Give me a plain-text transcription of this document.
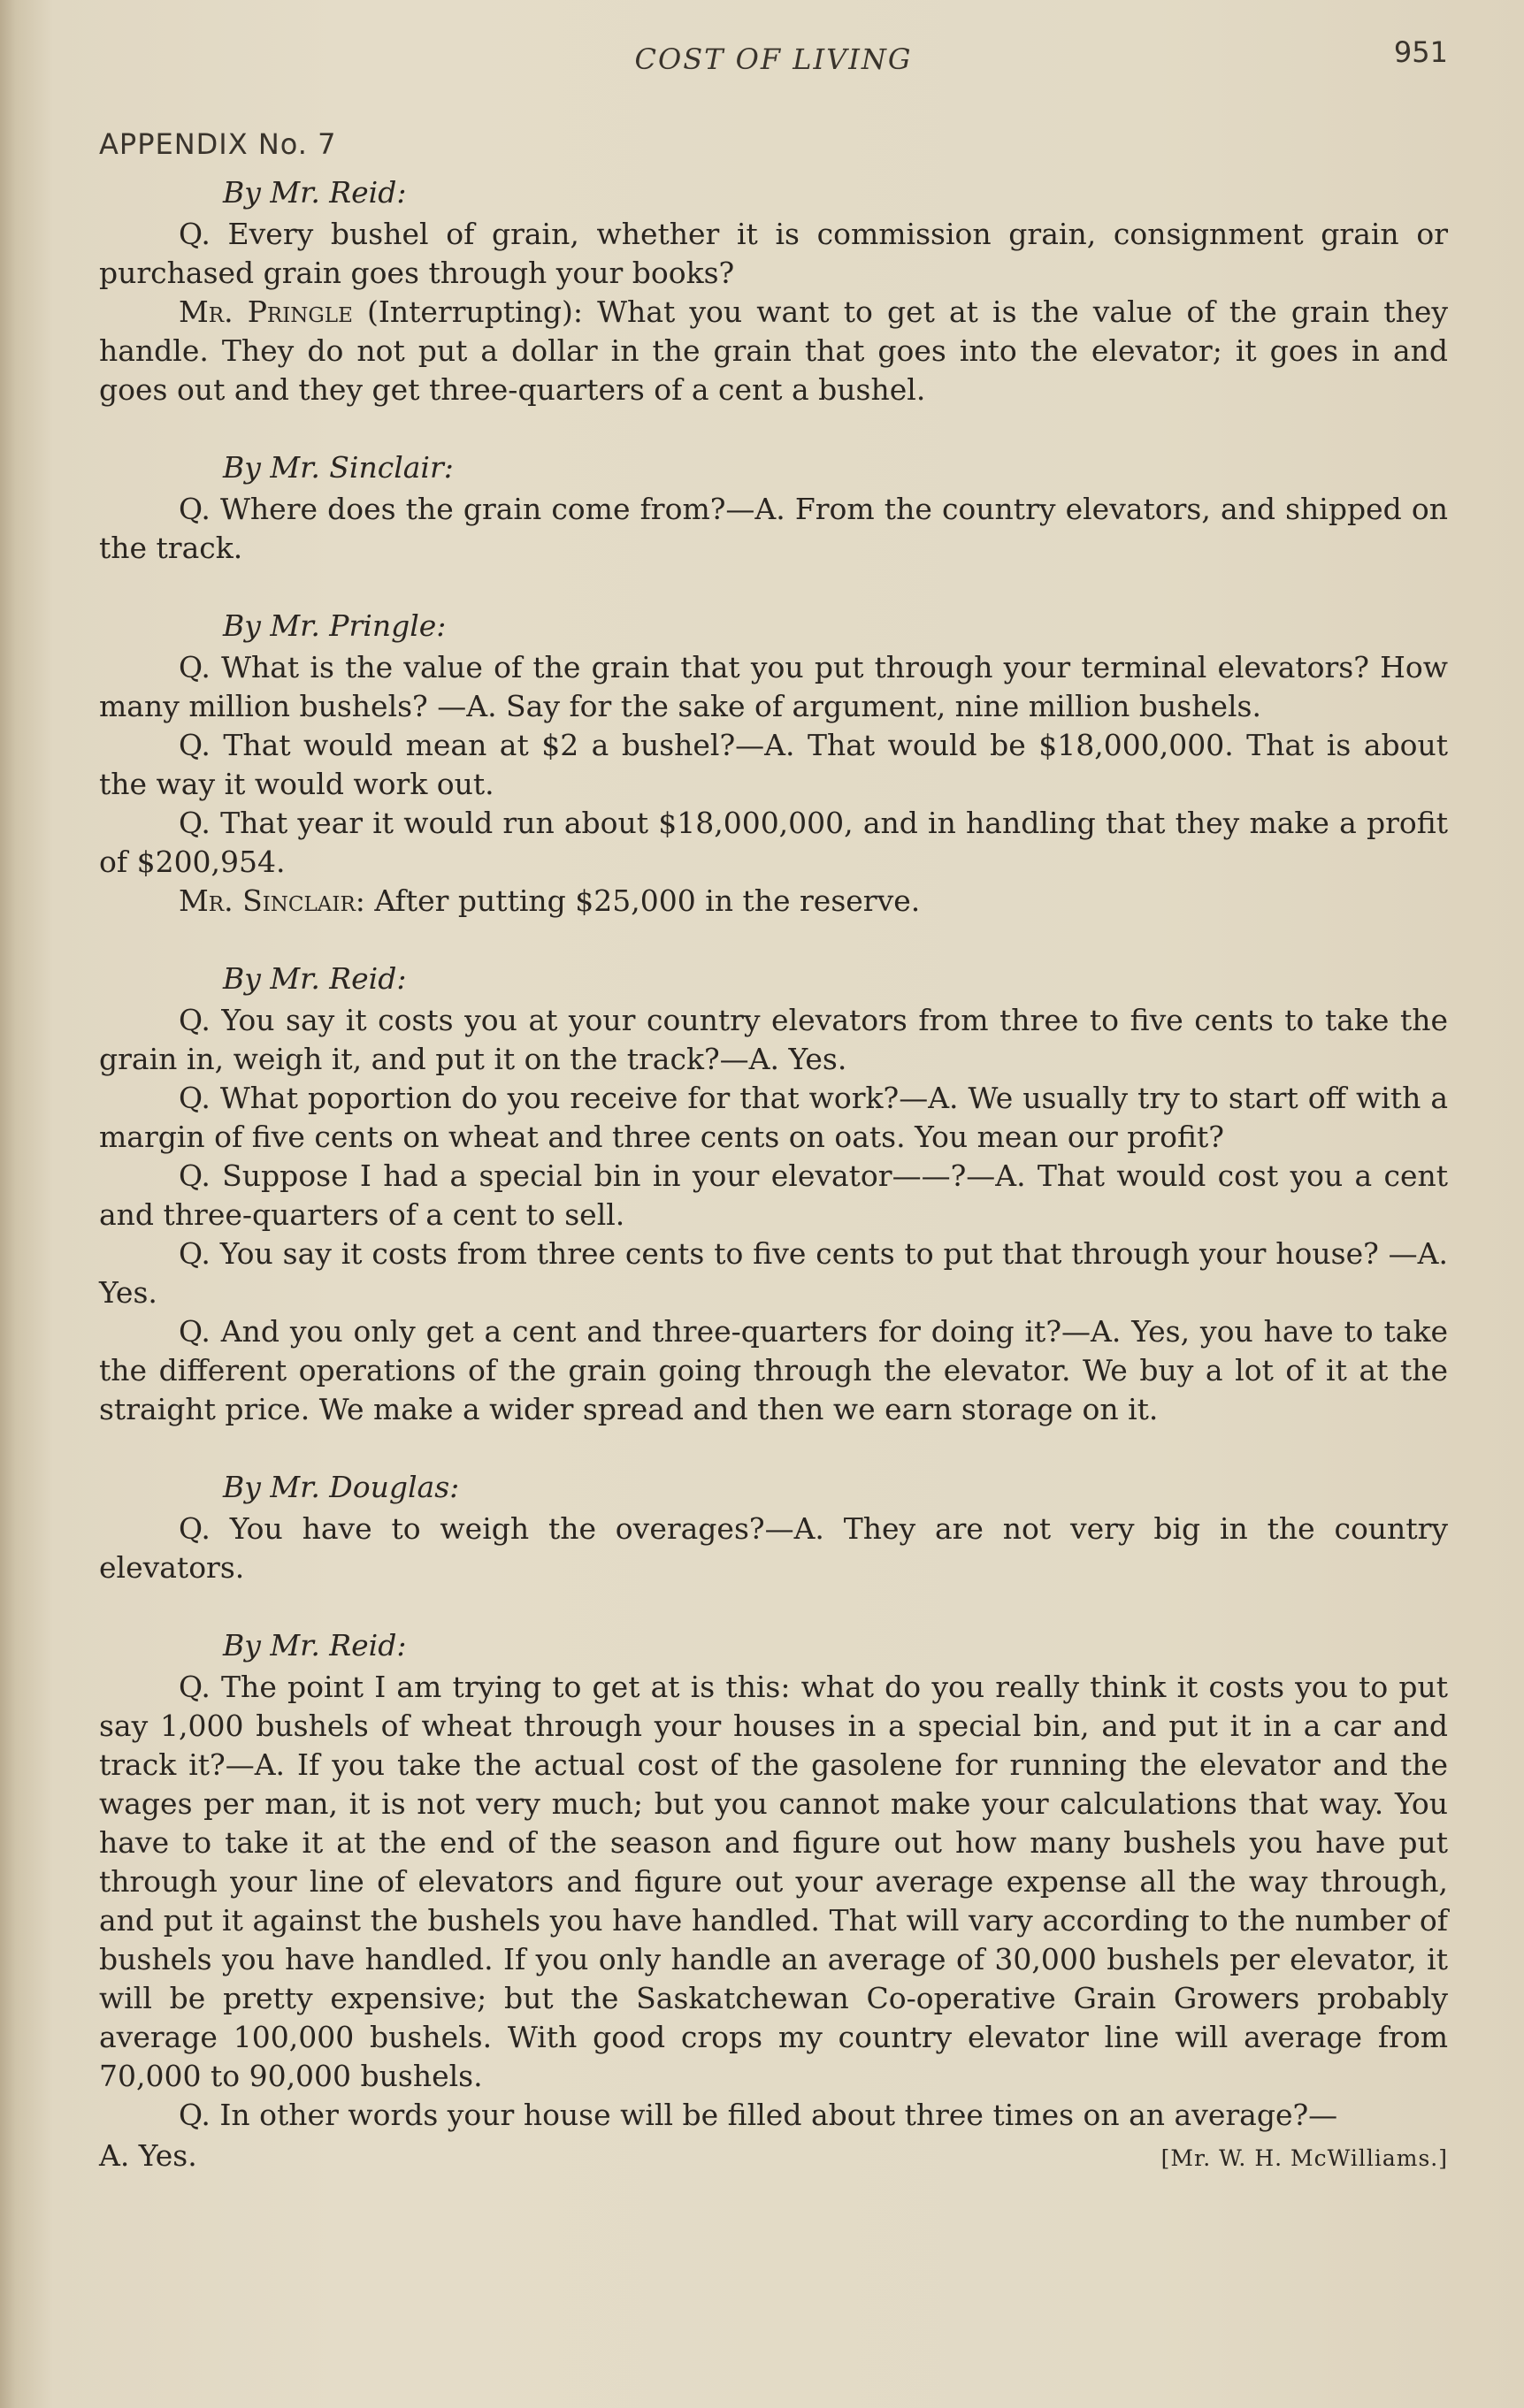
COST OF LIVING	951
APPENDIX No. 7
By Mr. Reid:

Q. Every bushel of grain, whether it is commission grain, consignment grain or purchased grain goes through your books?

Mr. Pringle (Interrupting): What you want to get at is the value of the grain they handle. They do not put a dollar in the grain that goes into the elevator; it goes in and goes out and they get three-quarters of a cent a bushel.

By Mr. Sinclair:

Q. Where does the grain come from?—A. From the country elevators, and shipped on the track.

By Mr. Pringle:

Q. What is the value of the grain that you put through your terminal elevators? How many million bushels? —A. Say for the sake of argument, nine million bushels.

Q. That would mean at $2 a bushel?—A. That would be $18,000,000. That is about the way it would work out.

Q. That year it would run about $18,000,000, and in handling that they make a profit of $200,954.

Mr. Sinclair: After putting $25,000 in the reserve.

By Mr. Reid:

Q. You say it costs you at your country elevators from three to five cents to take the grain in, weigh it, and put it on the track?—A. Yes.

Q. What poportion do you receive for that work?—A. We usually try to start off with a margin of five cents on wheat and three cents on oats. You mean our profit?

Q. Suppose I had a special bin in your elevator——?—A. That would cost you a cent and three-quarters of a cent to sell.

Q. You say it costs from three cents to five cents to put that through your house? —A. Yes.

Q. And you only get a cent and three-quarters for doing it?—A. Yes, you have to take the different operations of the grain going through the elevator. We buy a lot of it at the straight price. We make a wider spread and then we earn storage on it.

By Mr. Douglas:

Q. You have to weigh the overages?—A. They are not very big in the country elevators.

By Mr. Reid:

Q. The point I am trying to get at is this: what do you really think it costs you to put say 1,000 bushels of wheat through your houses in a special bin, and put it in a car and track it?—A. If you take the actual cost of the gasolene for running the elevator and the wages per man, it is not very much; but you cannot make your calculations that way. You have to take it at the end of the season and figure out how many bushels you have put through your line of elevators and figure out your average expense all the way through, and put it against the bushels you have handled. That will vary according to the number of bushels you have handled. If you only handle an average of 30,000 bushels per elevator, it will be pretty expensive; but the Saskatchewan Co-operative Grain Growers probably average 100,000 bushels. With good crops my country elevator line will average from 70,000 to 90,000 bushels.

Q. In other words your house will be filled about three times on an average?—

A. Yes.	[Mr. W. H. McWilliams.]
